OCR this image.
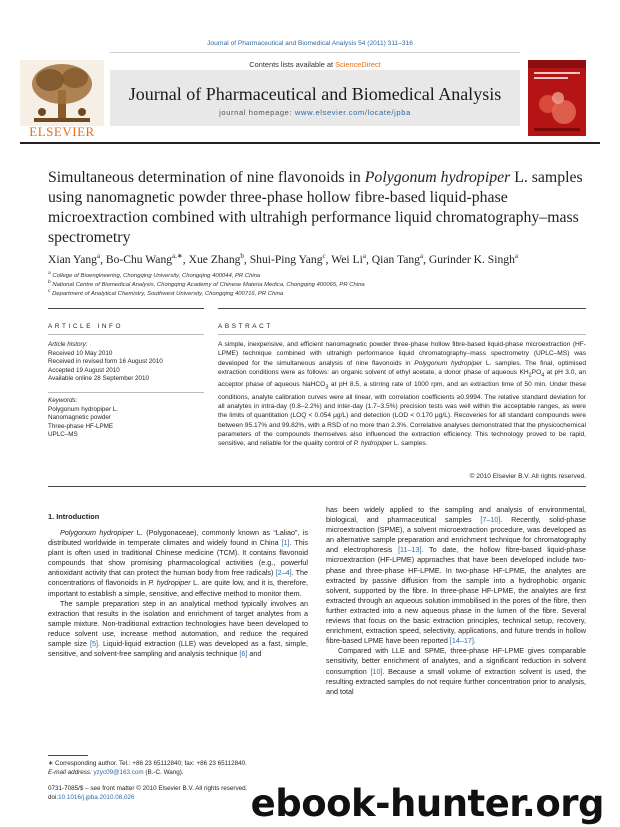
Journal of Pharmaceutical and Biomedical Analysis 54 (2011) 311–316
Contents lists available at ScienceDirect
Journal of Pharmaceutical and Biomedical Analysis
journal homepage: www.elsevier.com/locate/jpba
ELSEVIER
Simultaneous determination of nine flavonoids in Polygonum hydropiper L. samples using nanomagnetic powder three-phase hollow fibre-based liquid-phase microextraction combined with ultrahigh performance liquid chromatography–mass spectrometry
Xian Yang$^a$, Bo-Chu Wang$^{a,∗}$, Xue Zhang$^b$, Shui-Ping Yang$^c$, Wei Li$^a$, Qian Tang$^a$, Gurinder K. Singh$^a$
$^a$ College of Bioengineering, Chongqing University, Chongqing 400044, PR China
$^b$ National Centre of Biomedical Analysis, Chongqing Academy of Chinese Materia Medica, Chongqing 400065, PR China
$^c$ Department of Analytical Chemistry, Southwest University, Chongqing 400716, PR China
ARTICLE INFO	ABSTRACT
Article history:
Received 10 May 2010
Received in revised form 16 August 2010
Accepted 19 August 2010
Available online 28 September 2010
Keywords:
Polygonum hydropiper L.
Nanomagnetic powder
Three-phase HF-LPME
UPLC–MS
A simple, inexpensive, and efficient nanomagnetic powder three-phase hollow fibre-based liquid-phase microextraction (HF-LPME) technique combined with ultrahigh performance liquid chromatography–mass spectrometry (UPLC–MS) was developed for the simultaneous analysis of nine flavonoids in Polygonum hydropiper L. samples. The final, optimised extraction conditions were as follows: an organic solvent of ethyl acetate, a donor phase of aqueous $KH_2PO_4$ at pH 3.0, an acceptor phase of aqueous NaHCO$_3$ at pH 8.5, a stirring rate of 1000 rpm, and an extraction time of 50 min. Under these conditions, analyte calibration curves were all linear, with correlation coefficients ≥0.9994. The relative standard deviation for all analytes in intra-day (0.8–2.2%) and inter-day (1.7–3.5%) precision tests was well within the acceptable ranges, as were the limits of quantitation (LOQ < 0.054 μg/L) and detection (LOD < 0.170 μg/L). Recoveries for all standard compounds were between 95.17% and 99.82%, with a RSD of no more than 2.3%. Correlative analyses demonstrated that the physicochemical parameters of the compounds themselves also influenced the extraction efficiency. This technology proved to be rapid, sensitive, and reliable for the quality control of P. hydropiper L. samples.
© 2010 Elsevier B.V. All rights reserved.
1. Introduction

Polygonum hydropiper L. (Polygonaceae), commonly known as “Laliao”, is distributed worldwide in temperate climates and widely found in China [1]. This plant is often used in traditional Chinese medicine (TCM). It contains flavonoid compounds that show promising pharmacological activities (e.g., powerful antioxidant activity that can protect the human body from free radicals) [2–4]. The concentrations of flavonoids in P. hydropiper L. are quite low, and it is, therefore, important to establish a simple, sensitive, and effective method to monitor them.

The sample preparation step in an analytical method typically involves an extraction that results in the isolation and enrichment of target analytes from a sample mixture. Non-traditional extraction technologies have been developed to reduce solvent use, increase method automation, and reduce the required sample size [5]. Liquid-liquid extraction (LLE) was developed as a fast, simple, sensitive, and solvent-free sampling and analysis technique [6] and

has been widely applied to the sampling and analysis of environmental, biological, and pharmaceutical samples [7–10]. Recently, solid-phase microextraction (SPME), a solvent microextraction procedure, was developed as an alternative sample preparation and enrichment technique for chromatography and electrophoresis [11–13]. To date, the hollow fibre-based liquid-phase microextraction (HF-LPME) approaches that have been developed include two-phase and three-phase HF-LPME. In two-phase HF-LPME, the analytes are extracted by passive diffusion from the sample into a hydrophobic organic solvent, supported by the fibre. In three-phase HF-LPME, the analytes are first extracted through an aqueous solution immobilised in the pores of the fibre, then further extracted into a new aqueous phase in the lumen of the fibre. Several reviews that focus on the basic extraction principles, technical setup, recovery, enrichment, extraction speed, selectivity, applications, and future trends in hollow fibre-based LPME have been reported [14–17].

Compared with LLE and SPME, three-phase HF-LPME gives comparable sensitivity, better enrichment of analytes, and a significant reduction in solvent consumption [10]. Because a small volume of extraction solvent is used, the resulting extracted samples do not require further concentration prior to analysis, and total

∗ Corresponding author. Tel.: +86 23 65112840; fax: +86 23 65112840.
E-mail address: yzyc09@163.com (B.-C. Wang).
0731-7085/$ – see front matter © 2010 Elsevier B.V. All rights reserved.
doi:10.1016/j.jpba.2010.08.026	ebook-hunter.org
